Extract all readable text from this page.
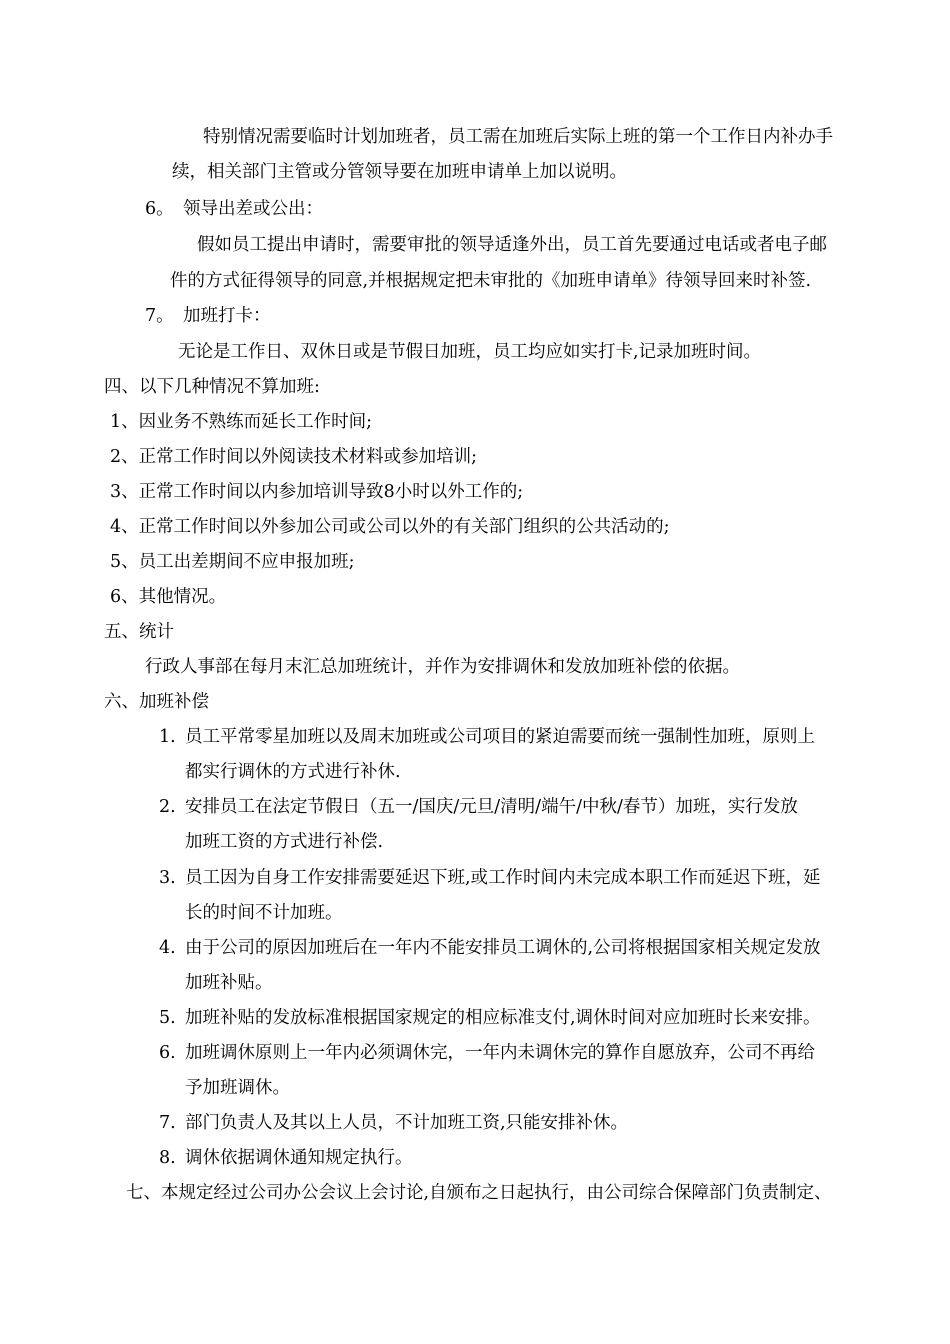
特别情况需要临时计划加班者，员工需在加班后实际上班的第一个工作日内补办手
续，相关部门主管或分管领导要在加班申请单上加以说明。
6。 领导出差或公出：
假如员工提出申请时，需要审批的领导适逢外出，员工首先要通过电话或者电子邮
件的方式征得领导的同意,并根据规定把未审批的《加班申请单》待领导回来时补签.
7。 加班打卡：
无论是工作日、双休日或是节假日加班，员工均应如实打卡,记录加班时间。
四、以下几种情况不算加班:
1、因业务不熟练而延长工作时间;
2、正常工作时间以外阅读技术材料或参加培训;
3、正常工作时间以内参加培训导致8小时以外工作的;
4、正常工作时间以外参加公司或公司以外的有关部门组织的公共活动的;
5、员工出差期间不应申报加班;
6、其他情况。
五、统计
行政人事部在每月末汇总加班统计，并作为安排调休和发放加班补偿的依据。
六、加班补偿
1. 员工平常零星加班以及周末加班或公司项目的紧迫需要而统一强制性加班，原则上
都实行调休的方式进行补休.
2. 安排员工在法定节假日（五一/国庆/元旦/清明/端午/中秋/春节）加班，实行发放
加班工资的方式进行补偿.
3. 员工因为自身工作安排需要延迟下班,或工作时间内未完成本职工作而延迟下班，延
长的时间不计加班。
4. 由于公司的原因加班后在一年内不能安排员工调休的,公司将根据国家相关规定发放
加班补贴。
5. 加班补贴的发放标准根据国家规定的相应标准支付,调休时间对应加班时长来安排。
6. 加班调休原则上一年内必须调休完，一年内未调休完的算作自愿放弃，公司不再给
予加班调休。
7. 部门负责人及其以上人员，不计加班工资,只能安排补休。
8. 调休依据调休通知规定执行。
七、本规定经过公司办公会议上会讨论,自颁布之日起执行，由公司综合保障部门负责制定、
